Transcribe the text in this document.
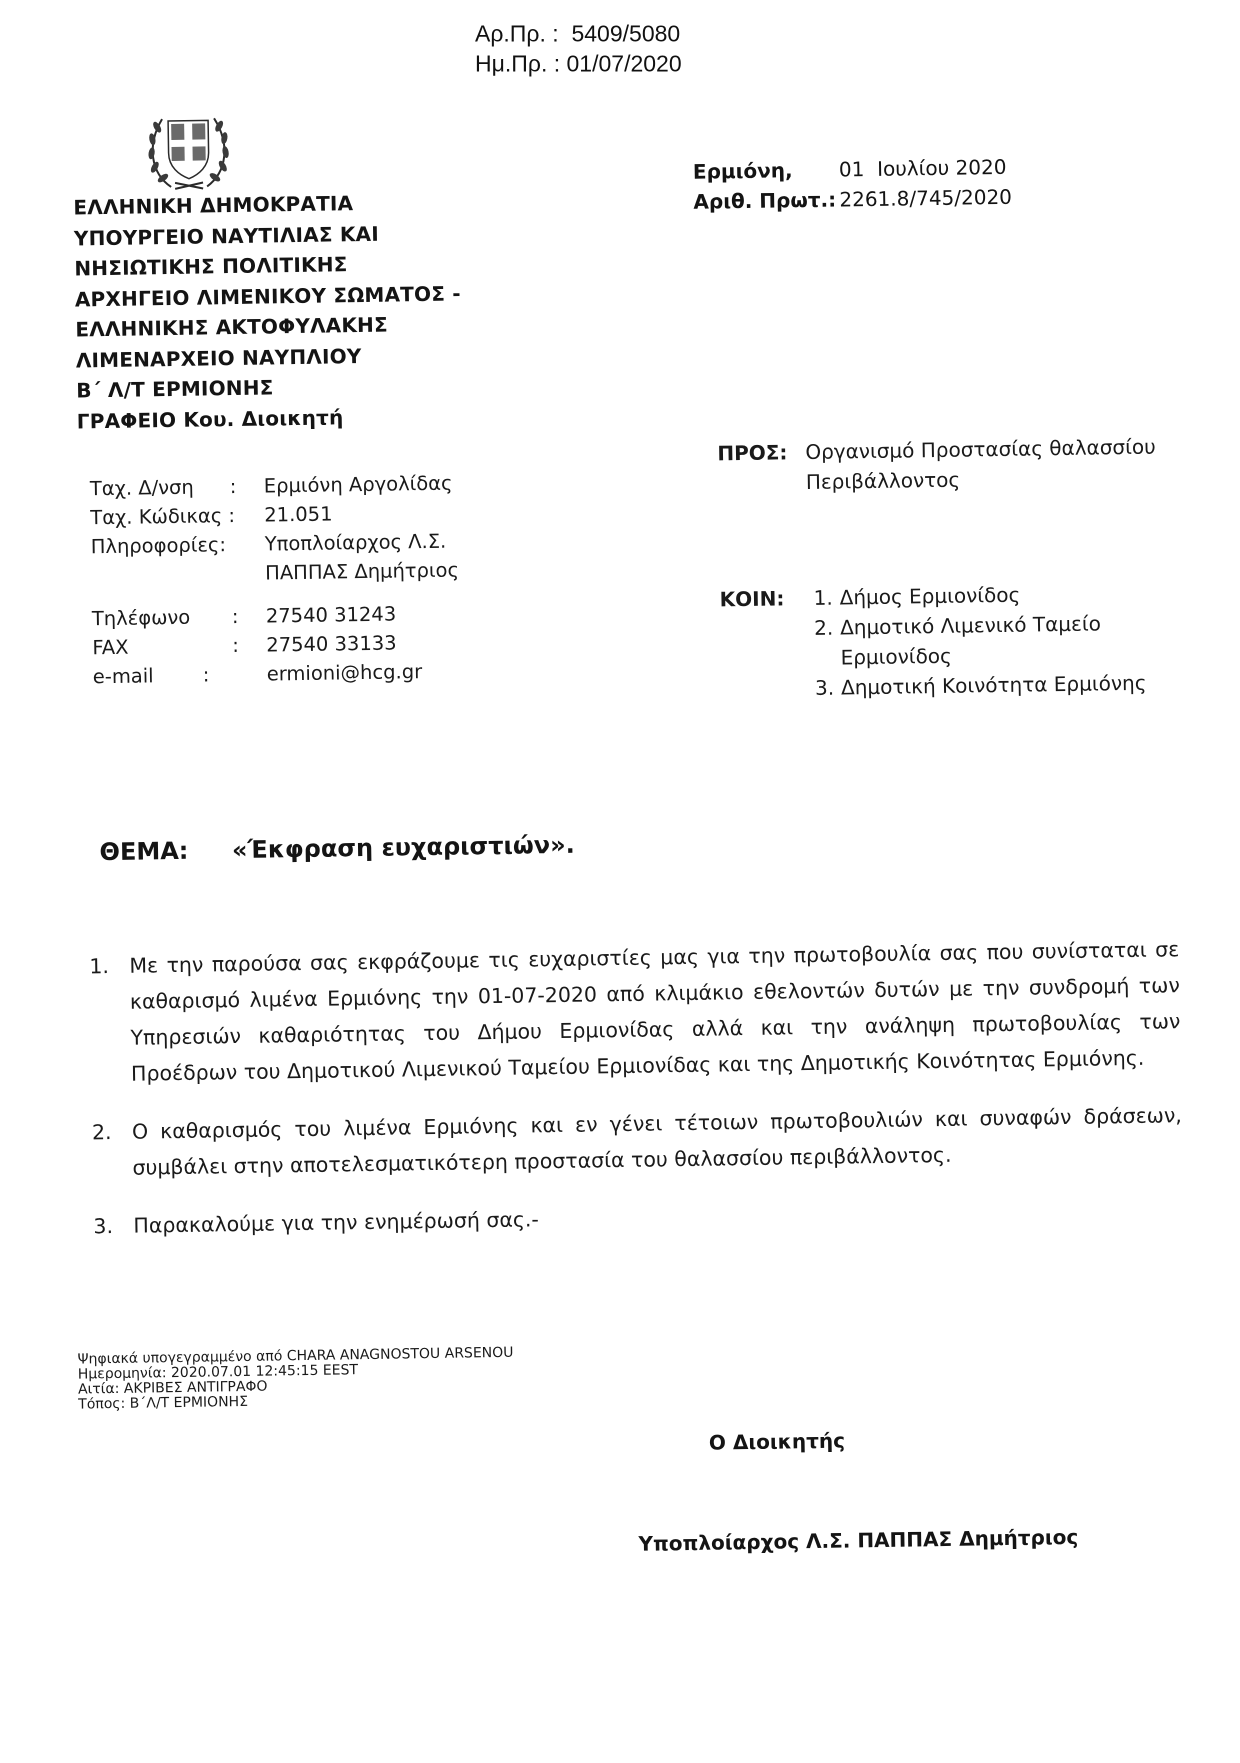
Αρ.Πρ. : 5409/5080
Ημ.Πρ. : 01/07/2020
ΕΛΛΗΝΙΚΗ ΔΗΜΟΚΡΑΤΙΑ
ΥΠΟΥΡΓΕΙΟ ΝΑΥΤΙΛΙΑΣ ΚΑΙ
ΝΗΣΙΩΤΙΚΗΣ ΠΟΛΙΤΙΚΗΣ
ΑΡΧΗΓΕΙΟ ΛΙΜΕΝΙΚΟΥ ΣΩΜΑΤΟΣ -
ΕΛΛΗΝΙΚΗΣ ΑΚΤΟΦΥΛΑΚΗΣ
ΛΙΜΕΝΑΡΧΕΙΟ ΝΑΥΠΛΙΟΥ
Β΄ Λ/Τ ΕΡΜΙΟΝΗΣ
ΓΡΑΦΕΙΟ Κου. Διοικητή
Ταχ. Δ/νση	:	Ερμιόνη Αργολίδας
Ταχ. Κώδικας : 21.051
Πληροφορίες: Υποπλοίαρχος Λ.Σ.
ΠΑΠΠΑΣ Δημήτριος
Τηλέφωνο	:	27540 31243
FAX	:	27540 33133
e-mail	:	ermioni@hcg.gr
Ερμιόνη,	01  Ιουλίου 2020
Αριθ. Πρωτ.: 2261.8/745/2020
ΠΡΟΣ: Οργανισμό Προστασίας θαλασσίου
Περιβάλλοντος
ΚΟΙΝ:	1. Δήμος Ερμιονίδος
2. Δημοτικό Λιμενικό Ταμείο
Ερμιονίδος
3. Δημοτική Κοινότητα Ερμιόνης
ΘΕΜΑ: «Έκφραση ευχαριστιών».
1. Με την παρούσα σας εκφράζουμε τις ευχαριστίες μας για την πρωτοβουλία σας που συνίσταται σε
καθαρισμό λιμένα Ερμιόνης την 01-07-2020 από κλιμάκιο εθελοντών δυτών με την συνδρομή των
Υπηρεσιών καθαριότητας του Δήμου Ερμιονίδας αλλά και την ανάληψη πρωτοβουλίας των
Προέδρων του Δημοτικού Λιμενικού Ταμείου Ερμιονίδας και της Δημοτικής Κοινότητας Ερμιόνης.
2. Ο καθαρισμός του λιμένα Ερμιόνης και εν γένει τέτοιων πρωτοβουλιών και συναφών δράσεων,
συμβάλει στην αποτελεσματικότερη προστασία του θαλασσίου περιβάλλοντος.
3. Παρακαλούμε για την ενημέρωσή σας.-
Ψηφιακά υπογεγραμμένο από CHARA ANAGNOSTOU ARSENOU
Ημερομηνία: 2020.07.01 12:45:15 EEST
Αιτία: ΑΚΡΙΒΕΣ ΑΝΤΙΓΡΑΦΟ
Τόπος: Β΄Λ/Τ ΕΡΜΙΟΝΗΣ
Ο Διοικητής
Υποπλοίαρχος Λ.Σ. ΠΑΠΠΑΣ Δημήτριος
